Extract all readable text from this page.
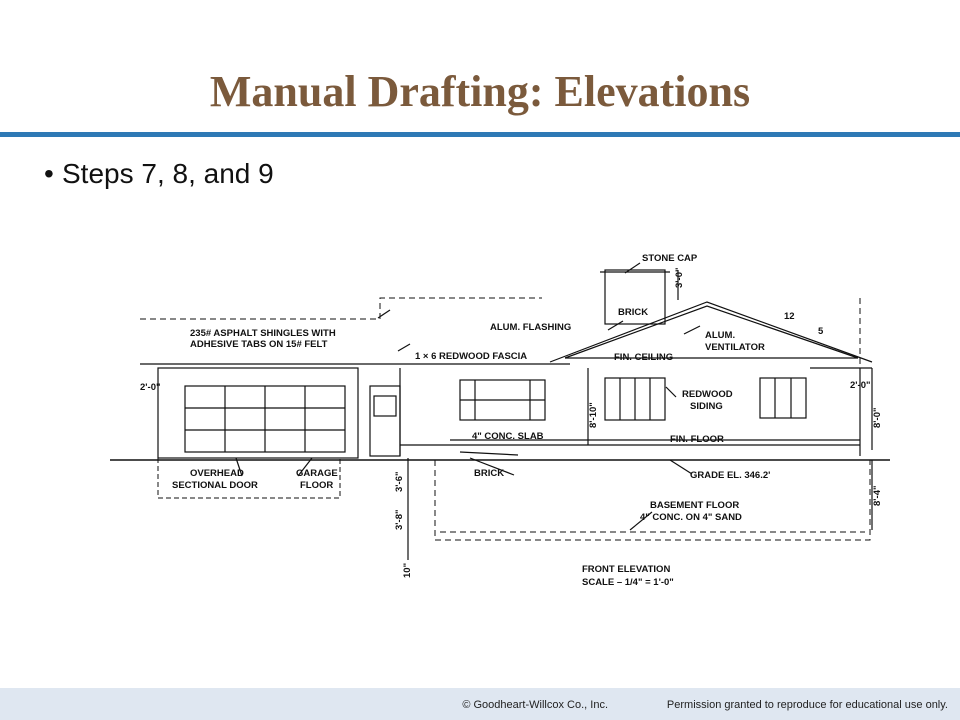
Manual Drafting: Elevations
• Steps 7, 8, and 9
STONE CAP
3'-0"
BRICK
235# ASPHALT SHINGLES WITH
ADHESIVE TABS ON 15# FELT
ALUM. FLASHING
12
5
ALUM.
VENTILATOR
1 × 6 REDWOOD FASCIA	FIN. CEILING
2'-0"	2'-0"
REDWOOD
SIDING
8'-10"	8'-0"
4" CONC. SLAB	FIN. FLOOR
OVERHEAD
SECTIONAL DOOR
GARAGE
FLOOR
BRICK	GRADE EL. 346.2'
3'-6"
3'-8"
8'-4"
10"
BASEMENT FLOOR
4" CONC. ON 4" SAND
FRONT ELEVATION
SCALE – 1/4" = 1'-0"
© Goodheart-Willcox Co., Inc.	Permission granted to reproduce for educational use only.
